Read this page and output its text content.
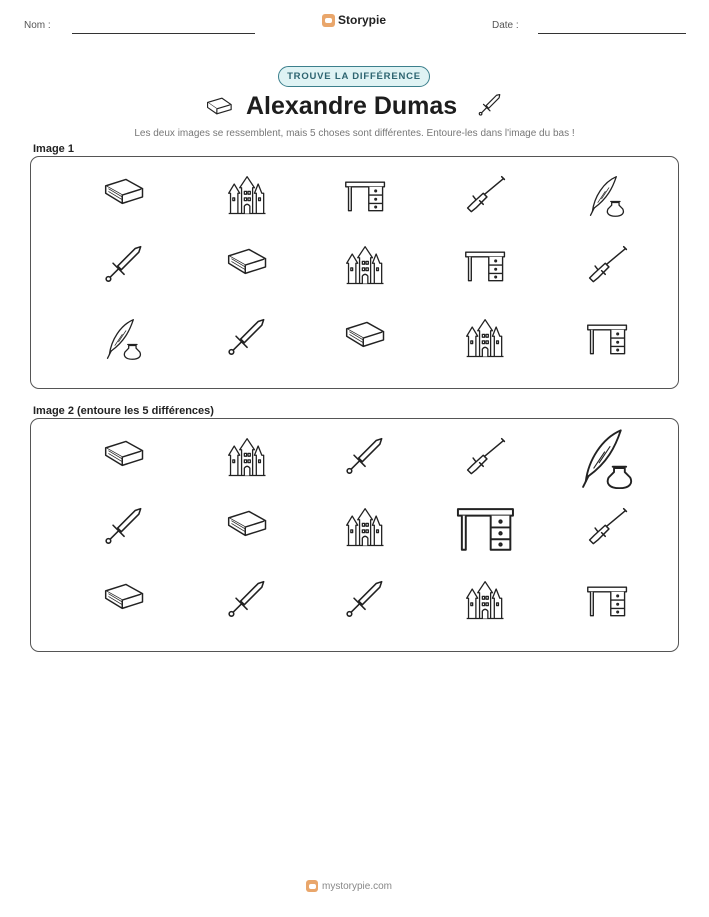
Nom :	Storypie	Date :
TROUVE LA DIFFÉRENCE
Alexandre Dumas
Les deux images se ressemblent, mais 5 choses sont différentes. Entoure-les dans l'image du bas !
Image 1
Image 2 (entoure les 5 différences)
mystorypie.com
